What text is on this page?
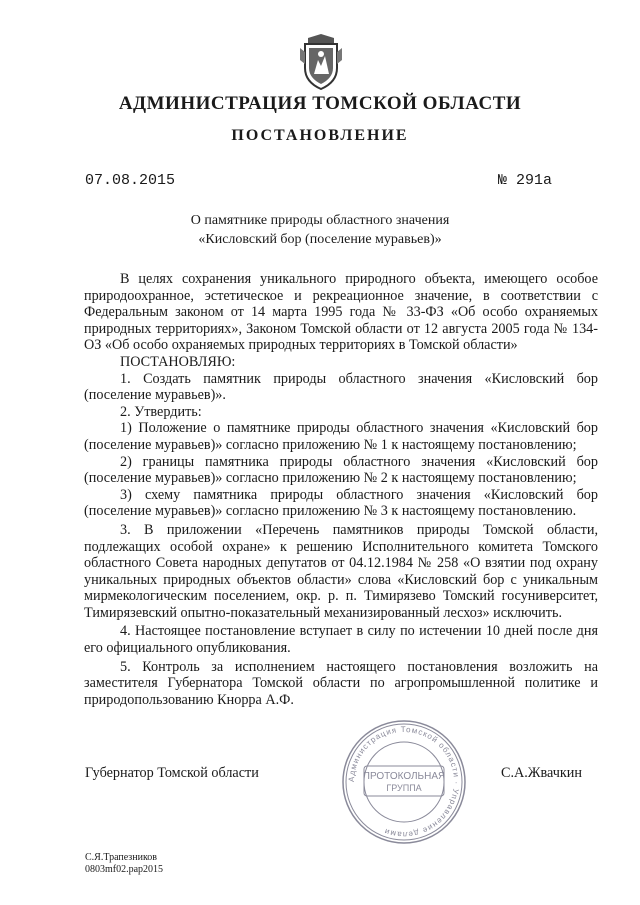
АДМИНИСТРАЦИЯ ТОМСКОЙ ОБЛАСТИ
ПОСТАНОВЛЕНИЕ
07.08.2015	№ 291а
О памятнике природы областного значения
«Кисловский бор (поселение муравьев)»

В целях сохранения уникального природного объекта, имеющего особое природоохранное, эстетическое и рекреационное значение, в соответствии с Федеральным законом от 14 марта 1995 года № 33-ФЗ «Об особо охраняемых природных территориях», Законом Томской области от 12 августа 2005 года № 134-ОЗ «Об особо охраняемых природных территориях в Томской области»

ПОСТАНОВЛЯЮ:

1. Создать памятник природы областного значения «Кисловский бор (поселение муравьев)».

2. Утвердить:

1) Положение о памятнике природы областного значения «Кисловский бор (поселение муравьев)» согласно приложению № 1 к настоящему постановлению;

2) границы памятника природы областного значения «Кисловский бор (поселение муравьев)» согласно приложению № 2 к настоящему постановлению;

3) схему памятника природы областного значения «Кисловский бор (поселение муравьев)» согласно приложению № 3 к настоящему постановлению.

3. В приложении «Перечень памятников природы Томской области, подлежащих особой охране» к решению Исполнительного комитета Томского областного Совета народных депутатов от 04.12.1984 № 258 «О взятии под охрану уникальных природных объектов области» слова «Кисловский бор с уникальным мирмекологическим поселением, окр. р. п. Тимирязево Томский госуниверситет, Тимирязевский опытно-показательный механизированный лесхоз» исключить.

4. Настоящее постановление вступает в силу по истечении 10 дней после дня его официального опубликования.

5. Контроль за исполнением настоящего постановления возложить на заместителя Губернатора Томской области по агропромышленной политике и природопользованию Кнорра А.Ф.

Губернатор Томской области	С.А.Жвачкин
Администрация Томской области · Управление делами
ПРОТОКОЛЬНАЯ
ГРУППА
С.Я.Трапезников
0803mf02.pap2015
